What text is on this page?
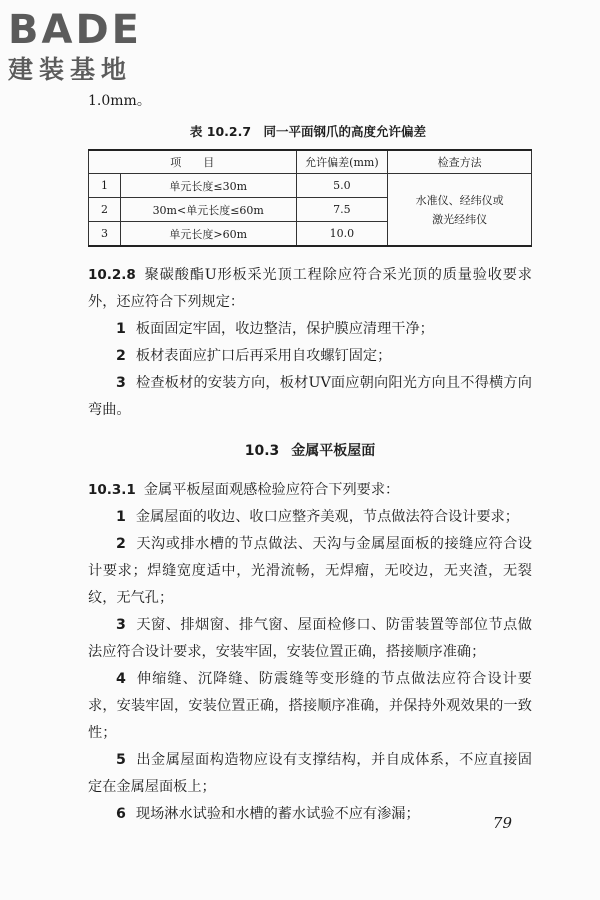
BADE
建装基地
1.0mm。
表 10.2.7　同一平面钢爪的高度允许偏差
项　　目		允许偏差(mm)	检查方法
1	单元长度≤30m	5.0	水准仪、经纬仪或
激光经纬仪
2	30m<单元长度≤60m	7.5	
3	单元长度>60m	10.0	

10.2.8 聚碳酸酯U形板采光顶工程除应符合采光顶的质量验收要求外，还应符合下列规定：

1 板面固定牢固，收边整洁，保护膜应清理干净；

2 板材表面应扩口后再采用自攻螺钉固定；

3 检查板材的安装方向，板材UV面应朝向阳光方向且不得横方向弯曲。

10.3 金属平板屋面

10.3.1 金属平板屋面观感检验应符合下列要求：

1 金属屋面的收边、收口应整齐美观，节点做法符合设计要求；

2 天沟或排水槽的节点做法、天沟与金属屋面板的接缝应符合设计要求；焊缝宽度适中，光滑流畅，无焊瘤，无咬边，无夹渣，无裂纹，无气孔；

3 天窗、排烟窗、排气窗、屋面检修口、防雷装置等部位节点做法应符合设计要求，安装牢固，安装位置正确，搭接顺序准确；

4 伸缩缝、沉降缝、防震缝等变形缝的节点做法应符合设计要求，安装牢固，安装位置正确，搭接顺序准确，并保持外观效果的一致性；

5 出金属屋面构造物应设有支撑结构，并自成体系，不应直接固定在金属屋面板上；

6 现场淋水试验和水槽的蓄水试验不应有渗漏；	79
